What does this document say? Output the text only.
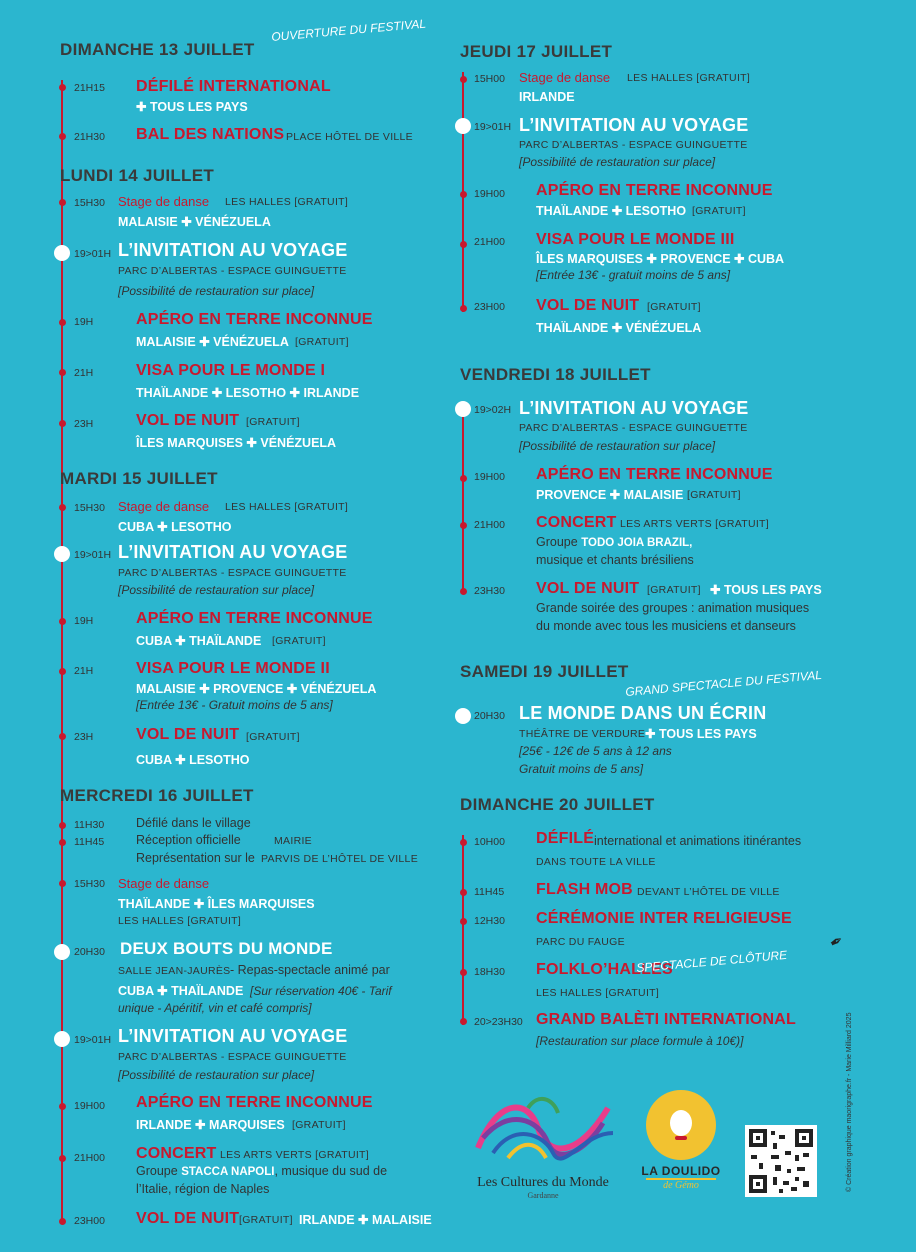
DIMANCHE 13 JUILLET
OUVERTURE DU FESTIVAL
21H15 DÉFILÉ INTERNATIONAL
✚ TOUS LES PAYS
21H30 BAL DES NATIONS PLACE HÔTEL DE VILLE
LUNDI 14 JUILLET
15H30 Stage de danse LES HALLES [GRATUIT]
MALAISIE ✚ VÉNÉZUELA
19>01H L’INVITATION AU VOYAGE
PARC D’ALBERTAS - ESPACE GUINGUETTE
[Possibilité de restauration sur place]
19H	APÉRO EN TERRE INCONNUE
MALAISIE ✚ VÉNÉZUELA [GRATUIT]
21H	VISA POUR LE MONDE I
THAÏLANDE ✚ LESOTHO ✚ IRLANDE
23H	VOL DE NUIT [GRATUIT]
ÎLES MARQUISES ✚ VÉNÉZUELA
MARDI 15 JUILLET
15H30 Stage de danse LES HALLES [GRATUIT]
CUBA ✚ LESOTHO
19>01H L’INVITATION AU VOYAGE
PARC D’ALBERTAS - ESPACE GUINGUETTE
[Possibilité de restauration sur place]
19H	APÉRO EN TERRE INCONNUE
CUBA ✚ THAÏLANDE [GRATUIT]
21H	VISA POUR LE MONDE II
MALAISIE ✚ PROVENCE ✚ VÉNÉZUELA
[Entrée 13€ - Gratuit moins de 5 ans]
23H	VOL DE NUIT [GRATUIT]
CUBA ✚ LESOTHO
MERCREDI 16 JUILLET
11H30	Défilé dans le village
11H45	Réception officielle	MAIRIE
Représentation sur le PARVIS DE L’HÔTEL DE VILLE
15H30 Stage de danse
THAÏLANDE ✚ ÎLES MARQUISES
LES HALLES [GRATUIT]
20H30 DEUX BOUTS DU MONDE
SALLE JEAN-JAURÈS - Repas-spectacle animé par
CUBA ✚ THAÏLANDE [Sur réservation 40€ - Tarif
unique - Apéritif, vin et café compris]
19>01H L’INVITATION AU VOYAGE
PARC D’ALBERTAS - ESPACE GUINGUETTE
[Possibilité de restauration sur place]
19H00 APÉRO EN TERRE INCONNUE
IRLANDE ✚ MARQUISES [GRATUIT]
21H00 CONCERT LES ARTS VERTS [GRATUIT]
Groupe STACCA NAPOLI, musique du sud de
l’Italie, région de Naples
23H00 VOL DE NUIT [GRATUIT] IRLANDE ✚ MALAISIE
JEUDI 17 JUILLET
15H00 Stage de danse LES HALLES [GRATUIT]
IRLANDE
19>01H L’INVITATION AU VOYAGE
PARC D’ALBERTAS - ESPACE GUINGUETTE
[Possibilité de restauration sur place]
19H00 APÉRO EN TERRE INCONNUE
THAÏLANDE ✚ LESOTHO [GRATUIT]
21H00 VISA POUR LE MONDE III
ÎLES MARQUISES ✚ PROVENCE ✚ CUBA
[Entrée 13€ - gratuit moins de 5 ans]
23H00 VOL DE NUIT [GRATUIT]
THAÏLANDE ✚ VÉNÉZUELA
VENDREDI 18 JUILLET
19>02H L’INVITATION AU VOYAGE
PARC D’ALBERTAS - ESPACE GUINGUETTE
[Possibilité de restauration sur place]
19H00 APÉRO EN TERRE INCONNUE
PROVENCE ✚ MALAISIE [GRATUIT]
21H00 CONCERT LES ARTS VERTS [GRATUIT]
Groupe TODO JOIA BRAZIL,
musique et chants brésiliens
23H30 VOL DE NUIT [GRATUIT] ✚ TOUS LES PAYS
Grande soirée des groupes : animation musiques
du monde avec tous les musiciens et danseurs
SAMEDI 19 JUILLET
GRAND SPECTACLE DU FESTIVAL
20H30 LE MONDE DANS UN ÉCRIN
THÉÂTRE DE VERDURE ✚ TOUS LES PAYS
[25€ - 12€ de 5 ans à 12 ans
Gratuit moins de 5 ans]
DIMANCHE 20 JUILLET
10H00 DÉFILÉ international et animations itinérantes
DANS TOUTE LA VILLE
11H45 FLASH MOB DEVANT L’HÔTEL DE VILLE
12H30 CÉRÉMONIE INTER RELIGIEUSE
PARC DU FAUGE
18H30 FOLKLO’HALLES
SPECTACLE DE CLÔTURE
LES HALLES [GRATUIT]
20>23H30 GRAND BALÈTI INTERNATIONAL
[Restauration sur place formule à 10€)]
Les Cultures du Monde
Gardanne
LA DOULIDO
de Gémo	© Création graphique maorigraphe.fr - Marie Milliard 2025
✒
